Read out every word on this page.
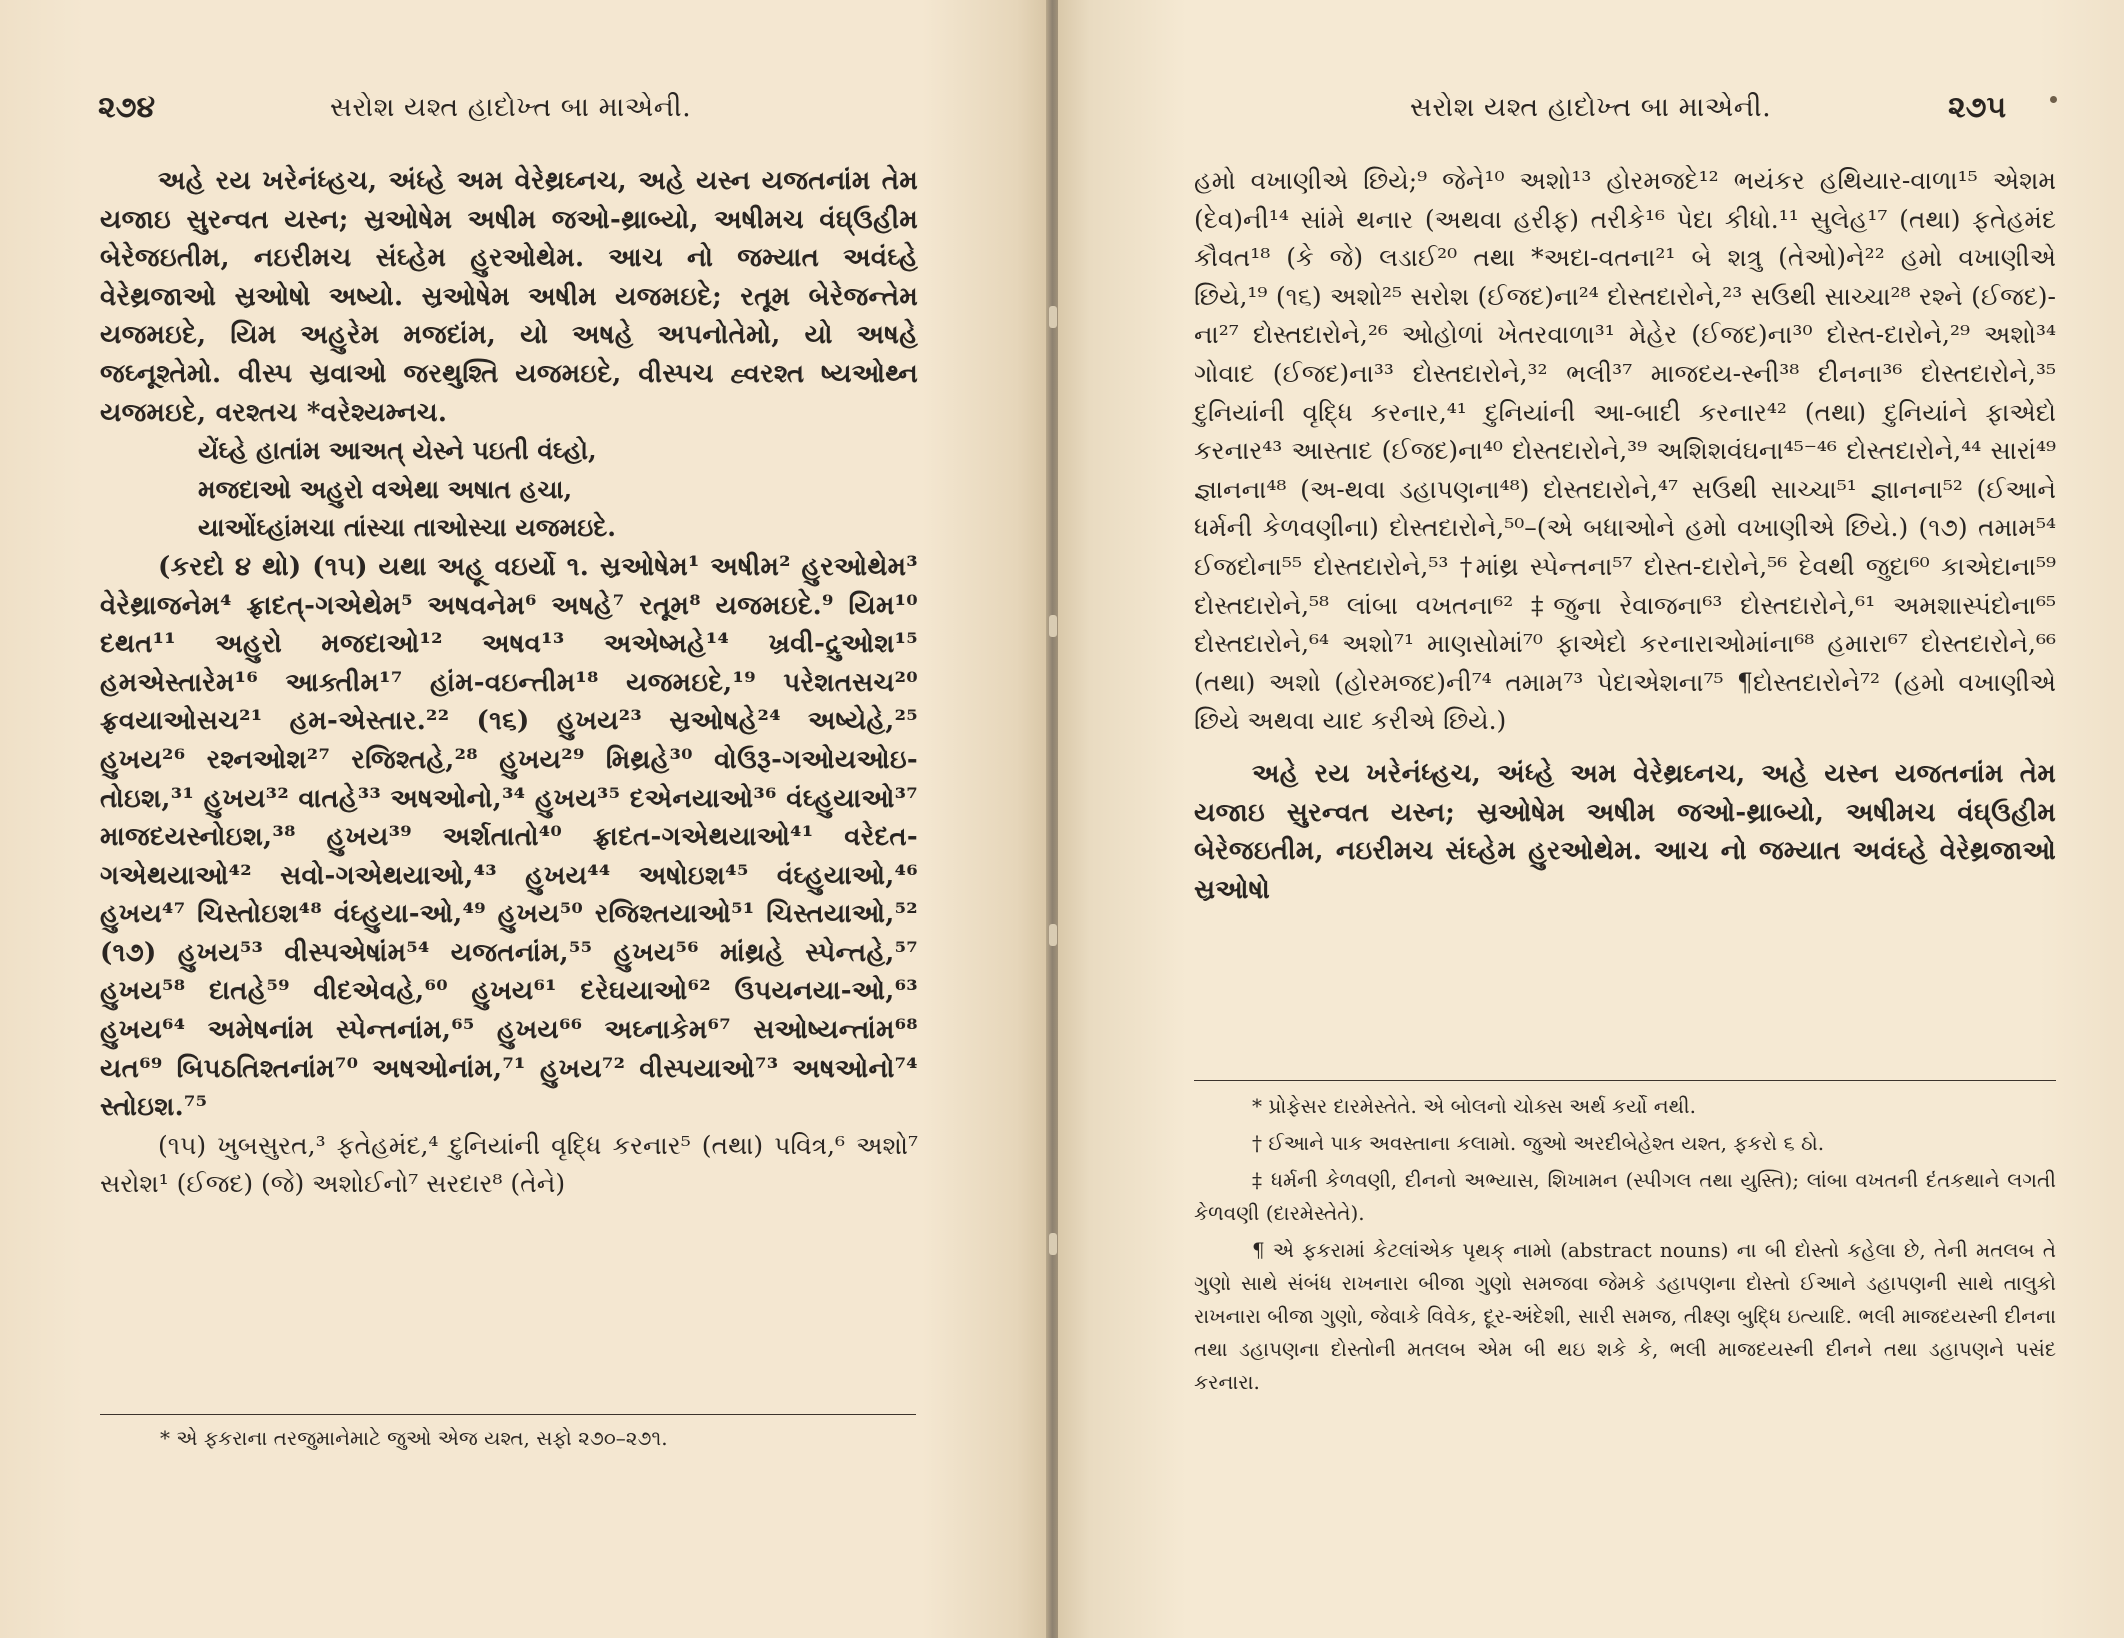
૨૭૪	સરોશ યશ્ત હાદોખ્ત બા માએની.

અહે રય ખરેનંધ્હચ, અંધ્હે અમ વેરેથ્રઘ્નચ, અહે યસ્ન યજતનાંમ તેમ યજાઇ સુરન્વત યસ્ન; સ્રઓષેમ અષીમ જઓ-થ્રાબ્યો, અષીમચ વંઘ્ઉહીમ બેરેજઇતીમ, નઇરીમચ સંઘ્હેમ હુરઓથેમ. આચ નો જમ્યાત અવંઘ્હે વેરેથ્રજાઓ સ્રઓષો અષ્યો. સ્રઓષેમ અષીમ યજમઇદે; રતૂમ બેરેજન્તેમ યજમઇદે, યિમ અહુરેમ મજદાંમ, યો અષહે અપનોતેમો, યો અષહે જઘ્નૂશ્તેમો. વીસ્પ સ્રવાઓ જરથુશ્તિ યજમઇદે, વીસ્પચ હ્વરશ્ત ષ્યઓથ્ન યજમઇદે, વરશ્તચ *વરેશ્યમ્નચ.

યેંઘ્હે હાતાંમ આઅત્ યેસ્ને પઇતી વંઘ્હો,

મજદાઓ અહુરો વએથા અષાત હચા,

યાઓંઘ્હાંમચા તાંસ્ચા તાઓસ્ચા યજમઇદે.

(કરદો ૪ થો) (૧૫) યથા અહૂ વઇર્યો ૧. સ્રઓષેમ¹ અષીમ² હુરઓથેમ³ વેરેથ્રાજનેમ⁴ ફ્રાદત્-ગએથેમ⁵ અષવનેમ⁶ અષહે⁷ રતૂમ⁸ યજમઇદે.⁹ યિમ¹⁰ દથત¹¹ અહુરો મજદાઓ¹² અષવ¹³ અએષ્મહે¹⁴ ખ્રવી-દ્રુઓશ¹⁵ હમએસ્તારેમ¹⁶ આક્તીમ¹⁷ હાંમ-વઇન્તીમ¹⁸ યજમઇદે,¹⁹ પરેશતસચ²⁰ ફ્રવયાઓસચ²¹ હમ-એસ્તાર.²² (૧૬) હુખય²³ સ્રઓષહે²⁴ અષ્યેહે,²⁵ હુખય²⁶ રશ્નઓશ²⁷ રજિશ્તહે,²⁸ હુખય²⁹ મિથ્રહે³⁰ વોઉરૂ-ગઓયઓઇ-તોઇશ,³¹ હુખય³² વાતહે³³ અષઓનો,³⁴ હુખય³⁵ દએનયાઓ³⁶ વંઘ્હુયાઓ³⁷ માજદયસ્નોઇશ,³⁸ હુખય³⁹ અર્શતાતો⁴⁰ ફ્રાદત-ગએથયાઓ⁴¹ વરેદત-ગએથયાઓ⁴² સવો-ગએથયાઓ,⁴³ હુખય⁴⁴ અષોઇશ⁴⁵ વંઘ્હુયાઓ,⁴⁶ હુખય⁴⁷ ચિસ્તોઇશ⁴⁸ વંઘ્હુયા-ઓ,⁴⁹ હુખય⁵⁰ રજિશ્તયાઓ⁵¹ ચિસ્તયાઓ,⁵² (૧૭) હુખય⁵³ વીસ્પએષાંમ⁵⁴ યજતનાંમ,⁵⁵ હુખય⁵⁶ માંથ્રહે સ્પેન્તહે,⁵⁷ હુખય⁵⁸ દાતહે⁵⁹ વીદએવહે,⁶⁰ હુખય⁶¹ દરેઘયાઓ⁶² ઉપયનયા-ઓ,⁶³ હુખય⁶⁴ અમેષનાંમ સ્પેન્તનાંમ,⁶⁵ હુખય⁶⁶ અઘ્નાકેમ⁶⁷ સઓષ્યન્તાંમ⁶⁸ યત⁶⁹ બિપઠતિશ્તનાંમ⁷⁰ અષઓનાંમ,⁷¹ હુખય⁷² વીસ્પયાઓ⁷³ અષઓનો⁷⁴ સ્તોઇશ.⁷⁵

(૧૫) ખુબસુરત,³ ફતેહમંદ,⁴ દુનિયાંની વૃદ્ધિ કરનાર⁵ (તથા) પવિત્ર,⁶ અશો⁷ સરોશ¹ (ઈજદ) (જે) અશોઈનો⁷ સરદાર⁸ (તેને)

* એ ફકરાના તરજુમાનેમાટે જુઓ એજ યશ્ત, સફો ૨૭૦–૨૭૧.
સરોશ યશ્ત હાદોખ્ત બા માએની.	૨૭૫

હમો વખાણીએ છિયે;⁹ જેને¹⁰ અશો¹³ હોરમજદે¹² ભયંકર હથિયાર-વાળા¹⁵ એશમ (દેવ)ની¹⁴ સાંમે થનાર (અથવા હરીફ) તરીકે¹⁶ પેદા કીધો.¹¹ સુલેહ¹⁷ (તથા) ફતેહમંદ કૌવત¹⁸ (કે જે) લડાઈ²⁰ તથા *અદા-વતના²¹ બે શત્રુ (તેઓ)ને²² હમો વખાણીએ છિયે,¹⁹ (૧૬) અશો²⁵ સરોશ (ઈજદ)ના²⁴ દોસ્તદારોને,²³ સઉથી સાચ્ચા²⁸ રશ્ને (ઈજદ)-ના²⁷ દોસ્તદારોને,²⁶ ઓહોળાં ખેતરવાળા³¹ મેહેર (ઈજદ)ના³⁰ દોસ્ત-દારોને,²⁹ અશો³⁴ ગોવાદ (ઈજદ)ના³³ દોસ્તદારોને,³² ભલી³⁷ માજદય-સ્ની³⁸ દીનના³⁶ દોસ્તદારોને,³⁵ દુનિયાંની વૃદ્ધિ કરનાર,⁴¹ દુનિયાંની આ-બાદી કરનાર⁴² (તથા) દુનિયાંને ફાએદો કરનાર⁴³ આસ્તાદ (ઈજદ)ના⁴⁰ દોસ્તદારોને,³⁹ અશિશવંઘના⁴⁵⁻⁴⁶ દોસ્તદારોને,⁴⁴ સારાં⁴⁹ જ્ઞાનના⁴⁸ (અ-થવા ડહાપણના⁴⁸) દોસ્તદારોને,⁴⁷ સઉથી સાચ્ચા⁵¹ જ્ઞાનના⁵² (ઈઆને ધર્મની કેળવણીના) દોસ્તદારોને,⁵⁰–(એ બધાઓને હમો વખાણીએ છિયે.) (૧૭) તમામ⁵⁴ ઈજદોના⁵⁵ દોસ્તદારોને,⁵³ †માંથ્ર સ્પેન્તના⁵⁷ દોસ્ત-દારોને,⁵⁶ દેવથી જુદા⁶⁰ કાએદાના⁵⁹ દોસ્તદારોને,⁵⁸ લાંબા વખતના⁶² ‡જુના રેવાજના⁶³ દોસ્તદારોને,⁶¹ અમશાસ્પંદોના⁶⁵ દોસ્તદારોને,⁶⁴ અશો⁷¹ માણસોમાં⁷⁰ ફાએદો કરનારાઓમાંના⁶⁸ હમારા⁶⁷ દોસ્તદારોને,⁶⁶ (તથા) અશો (હોરમજદ)ની⁷⁴ તમામ⁷³ પેદાએશના⁷⁵ ¶દોસ્તદારોને⁷² (હમો વખાણીએ છિયે અથવા યાદ કરીએ છિયે.)

અહે રય ખરેનંધ્હચ, અંધ્હે અમ વેરેથ્રઘ્નચ, અહે યસ્ન યજતનાંમ તેમ યજાઇ સુરન્વત યસ્ન; સ્રઓષેમ અષીમ જઓ-થ્રાબ્યો, અષીમચ વંઘ્ઉહીમ બેરેજઇતીમ, નઇરીમચ સંઘ્હેમ હુરઓથેમ. આચ નો જમ્યાત અવંઘ્હે વેરેથ્રજાઓ સ્રઓષો

* પ્રોફેસર દારમેસ્તેતે. એ બોલનો ચોક્સ અર્થ કર્યો નથી.

† ઈઆને પાક અવસ્તાના કલામો. જુઓ અરદીબેહેશ્ત યશ્ત, ફકરો ૬ ઠો.

‡ ધર્મની કેળવણી, દીનનો અભ્યાસ, શિખામન (સ્પીગલ તથા યુસ્તિ); લાંબા વખતની દંતકથાને લગતી કેળવણી (દારમેસ્તેતે).

¶ એ ફકરામાં કેટલાંએક પૃથક્ નામો (abstract nouns) ના બી દોસ્તો કહેલા છે, તેની મતલબ તે ગુણો સાથે સંબંધ રાખનારા બીજા ગુણો સમજવા જેમકે ડહાપણના દોસ્તો ઈઆને ડહાપણની સાથે તાલુકો રાખનારા બીજા ગુણો, જેવાકે વિવેક, દૂર-અંદેશી, સારી સમજ, તીક્ષ્ણ બુદ્ધિ ઇત્યાદિ. ભલી માજદયસ્ની દીનના તથા ડહાપણના દોસ્તોની મતલબ એમ બી થઇ શકે કે, ભલી માજદયસ્ની દીનને તથા ડહાપણને પસંદ કરનારા.
